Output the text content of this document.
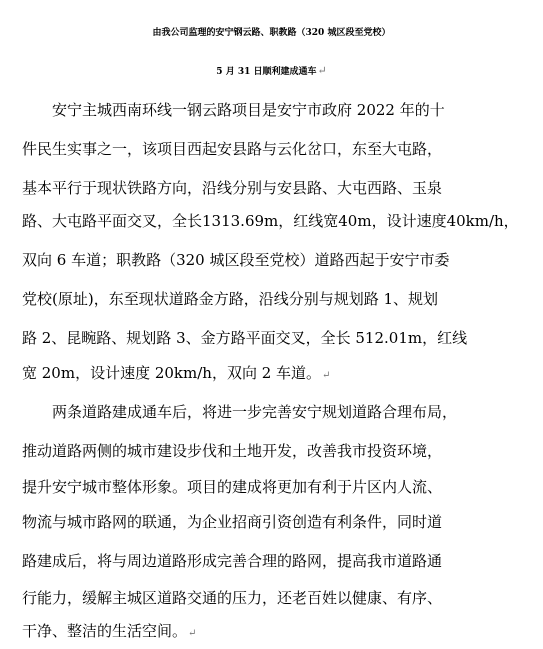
由我公司监理的安宁钢云路、职教路（320 城区段至党校）
5 月 31 日顺利建成通车↵
　　安宁主城西南环线一钢云路项目是安宁市政府 2022 年的十
件民生实事之一，该项目西起安县路与云化岔口，东至大屯路，
基本平行于现状铁路方向，沿线分别与安县路、大屯西路、玉泉
路、大屯路平面交叉，全长1313.69m，红线宽40m，设计速度40km/h，
双向 6 车道；职教路（320 城区段至党校）道路西起于安宁市委
党校(原址)，东至现状道路金方路，沿线分别与规划路 1、规划
路 2、昆畹路、规划路 3、金方路平面交叉，全长 512.01m，红线
宽 20m，设计速度 20km/h，双向 2 车道。↵
　　两条道路建成通车后，将进一步完善安宁规划道路合理布局，
推动道路两侧的城市建设步伐和土地开发，改善我市投资环境，
提升安宁城市整体形象。项目的建成将更加有利于片区内人流、
物流与城市路网的联通，为企业招商引资创造有利条件，同时道
路建成后，将与周边道路形成完善合理的路网，提高我市道路通
行能力，缓解主城区道路交通的压力，还老百姓以健康、有序、
干净、整洁的生活空间。↵
